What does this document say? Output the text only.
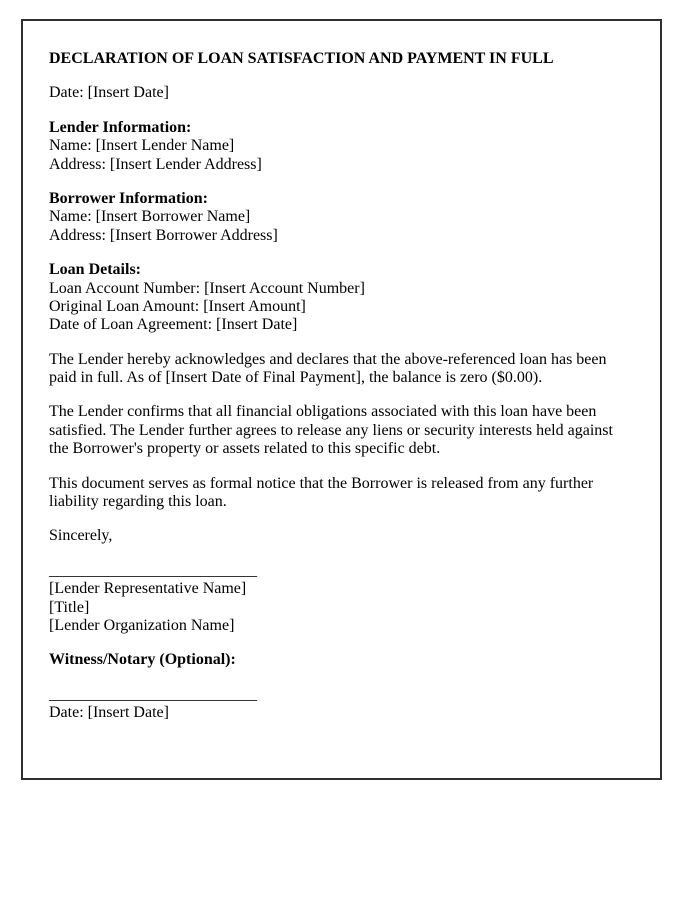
DECLARATION OF LOAN SATISFACTION AND PAYMENT IN FULL

Date: [Insert Date]

Lender Information:

Name: [Insert Lender Name]

Address: [Insert Lender Address]

Borrower Information:

Name: [Insert Borrower Name]

Address: [Insert Borrower Address]

Loan Details:

Loan Account Number: [Insert Account Number]

Original Loan Amount: [Insert Amount]

Date of Loan Agreement: [Insert Date]

The Lender hereby acknowledges and declares that the above-referenced loan has been paid in full. As of [Insert Date of Final Payment], the balance is zero ($0.00).

The Lender confirms that all financial obligations associated with this loan have been satisfied. The Lender further agrees to release any liens or security interests held against the Borrower's property or assets related to this specific debt.

This document serves as formal notice that the Borrower is released from any further liability regarding this loan.

Sincerely,

__________________________
[Lender Representative Name]
[Title]
[Lender Organization Name]

Witness/Notary (Optional):

__________________________
Date: [Insert Date]
